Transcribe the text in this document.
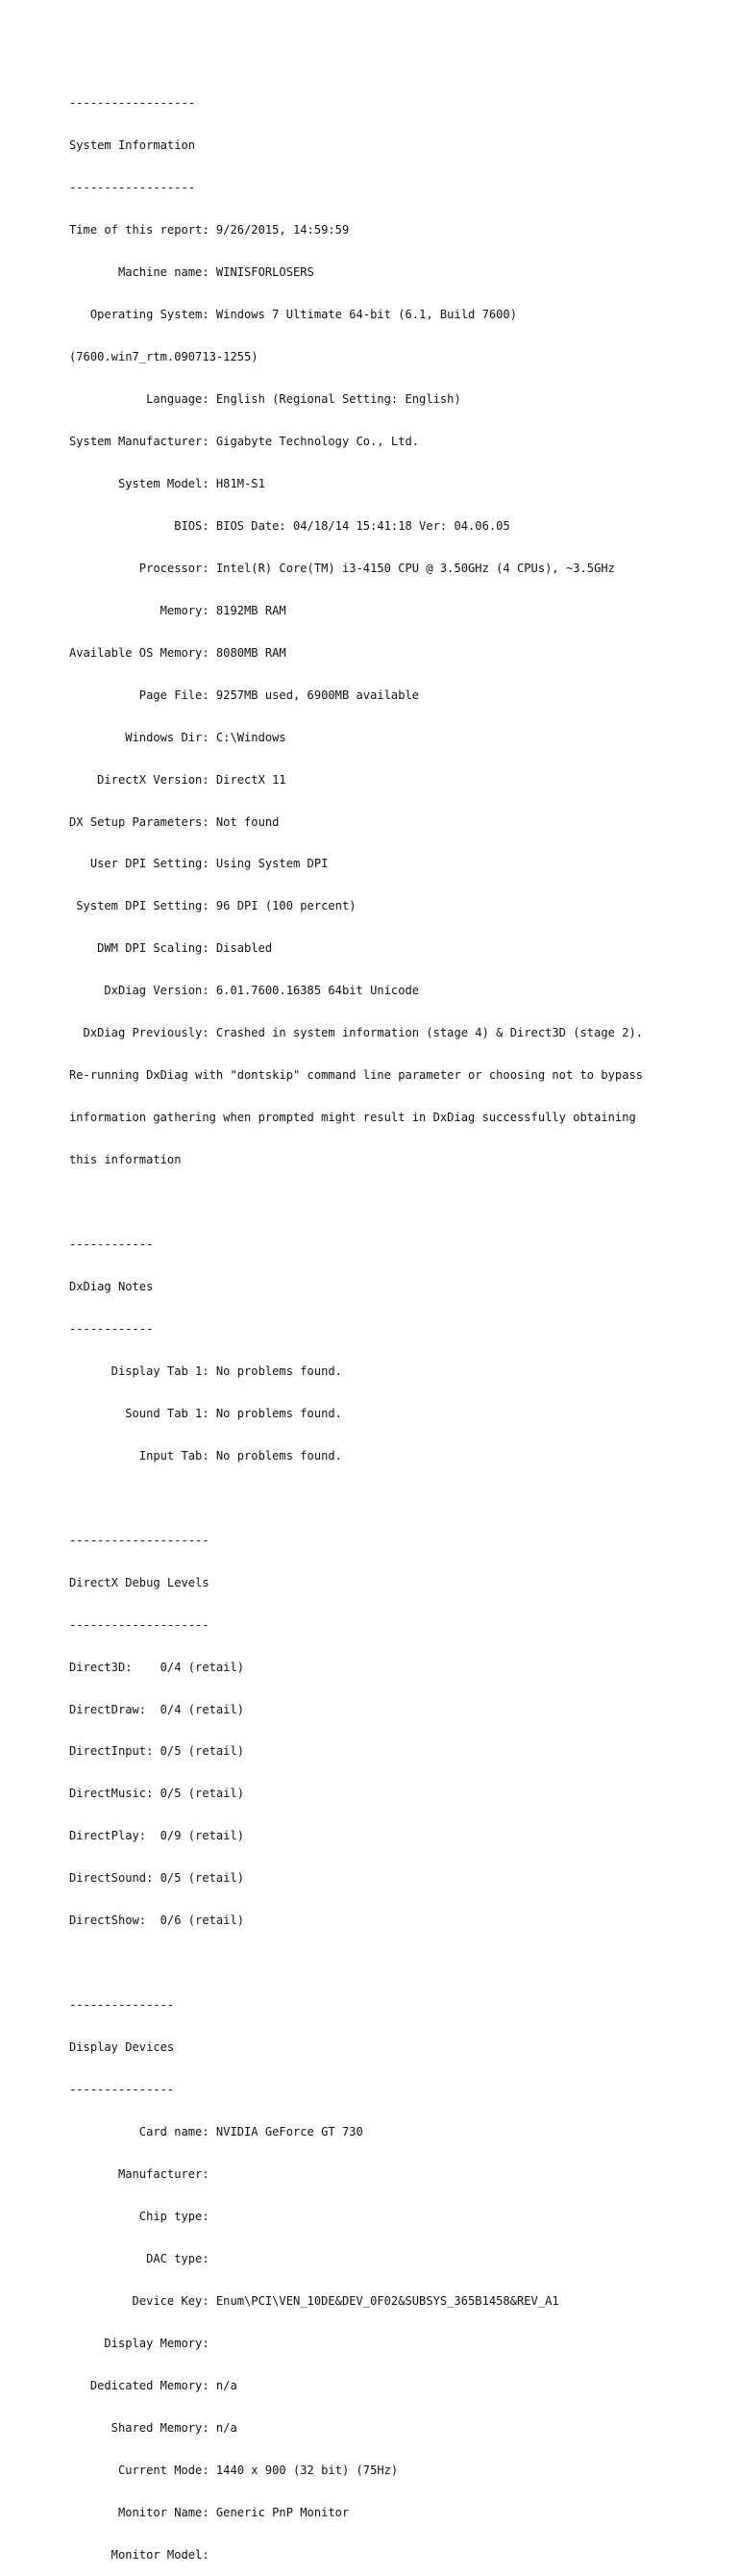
------------------

System Information

------------------

Time of this report: 9/26/2015, 14:59:59

Machine name: WINISFORLOSERS

Operating System: Windows 7 Ultimate 64-bit (6.1, Build 7600)

(7600.win7_rtm.090713-1255)

Language: English (Regional Setting: English)

System Manufacturer: Gigabyte Technology Co., Ltd.

System Model: H81M-S1

BIOS: BIOS Date: 04/18/14 15:41:18 Ver: 04.06.05

Processor: Intel(R) Core(TM) i3-4150 CPU @ 3.50GHz (4 CPUs), ~3.5GHz

Memory: 8192MB RAM

Available OS Memory: 8080MB RAM

Page File: 9257MB used, 6900MB available

Windows Dir: C:\Windows

DirectX Version: DirectX 11

DX Setup Parameters: Not found

User DPI Setting: Using System DPI

System DPI Setting: 96 DPI (100 percent)

DWM DPI Scaling: Disabled

DxDiag Version: 6.01.7600.16385 64bit Unicode

DxDiag Previously: Crashed in system information (stage 4) & Direct3D (stage 2).

Re-running DxDiag with "dontskip" command line parameter or choosing not to bypass

information gathering when prompted might result in DxDiag successfully obtaining

this information

------------

DxDiag Notes

------------

Display Tab 1: No problems found.

Sound Tab 1: No problems found.

Input Tab: No problems found.

--------------------

DirectX Debug Levels

--------------------

Direct3D:    0/4 (retail)

DirectDraw:  0/4 (retail)

DirectInput: 0/5 (retail)

DirectMusic: 0/5 (retail)

DirectPlay:  0/9 (retail)

DirectSound: 0/5 (retail)

DirectShow:  0/6 (retail)

---------------

Display Devices

---------------

Card name: NVIDIA GeForce GT 730

Manufacturer:

Chip type:

DAC type:

Device Key: Enum\PCI\VEN_10DE&DEV_0F02&SUBSYS_365B1458&REV_A1

Display Memory:

Dedicated Memory: n/a

Shared Memory: n/a

Current Mode: 1440 x 900 (32 bit) (75Hz)

Monitor Name: Generic PnP Monitor

Monitor Model:
